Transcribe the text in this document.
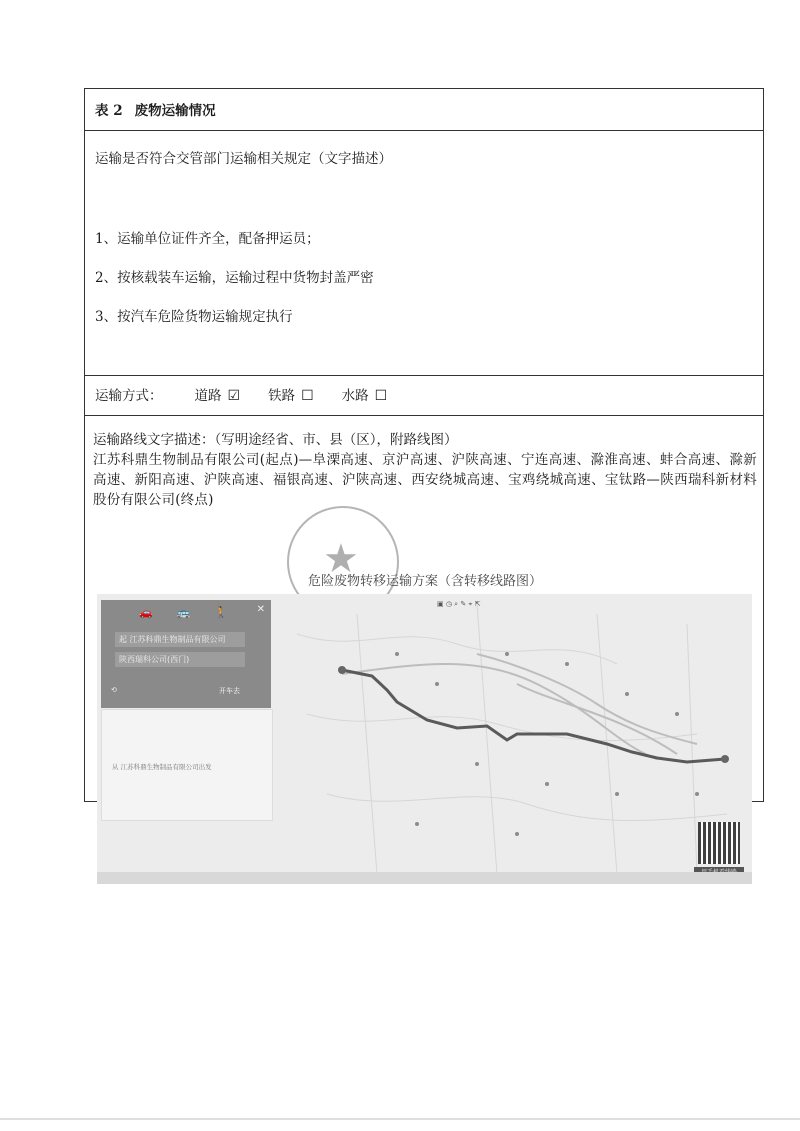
表 2 废物运输情况
运输是否符合交管部门运输相关规定（文字描述）
1、运输单位证件齐全，配备押运员；
2、按核载装车运输，运输过程中货物封盖严密
3、按汽车危险货物运输规定执行
运输方式： 道路 ☑ 铁路 ☐ 水路 ☐
运输路线文字描述：（写明途经省、市、县（区），附路线图）
江苏科鼎生物制品有限公司(起点)—阜溧高速、京沪高速、沪陕高速、宁连高速、滁淮高速、蚌合高速、滁新高速、新阳高速、沪陕高速、福银高速、沪陕高速、西安绕城高速、宝鸡绕城高速、宝钛路—陕西瑞科新材料股份有限公司(终点)
★
危险废物转移运输方案（含转移线路图）
▣ ◷ ⌕ ✎ ⌖ ⇱
🚗🚌🚶 ✕
起 江苏科鼎生物制品有限公司
陕西瑞科公司(西门)
⟲	开车去
从 江苏科鼎生物制品有限公司出发
